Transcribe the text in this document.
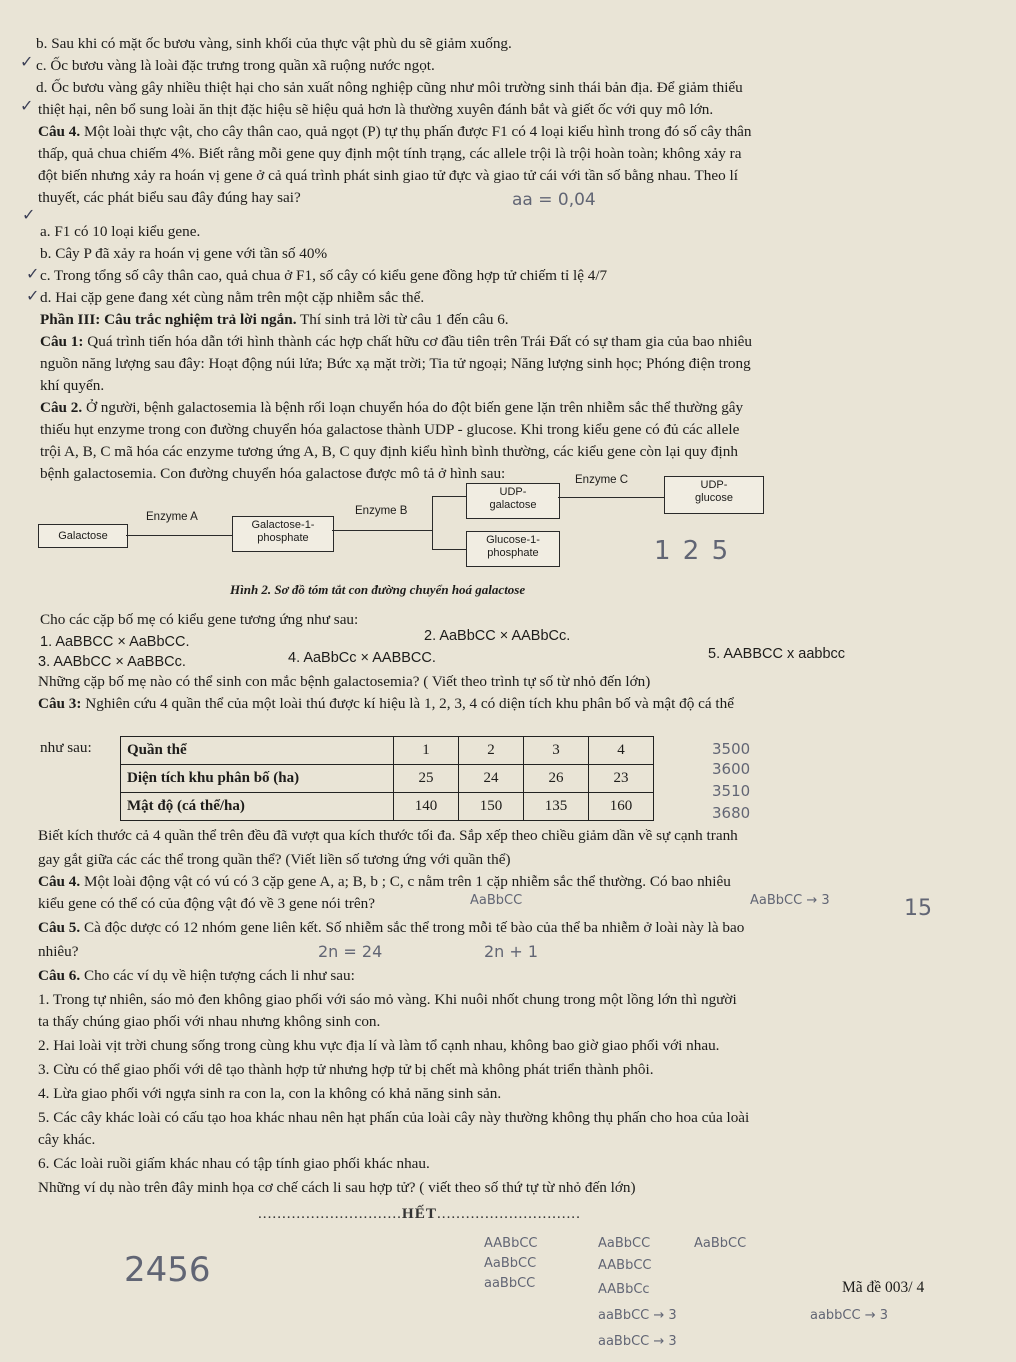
b. Sau khi có mặt ốc bươu vàng, sinh khối của thực vật phù du sẽ giảm xuống.
c. Ốc bươu vàng là loài đặc trưng trong quần xã ruộng nước ngọt.
d. Ốc bươu vàng gây nhiều thiệt hại cho sản xuất nông nghiệp cũng như môi trường sinh thái bản địa. Để giảm thiểu
thiệt hại, nên bổ sung loài ăn thịt đặc hiệu sẽ hiệu quả hơn là thường xuyên đánh bắt và giết ốc với quy mô lớn.
Câu 4. Một loài thực vật, cho cây thân cao, quả ngọt (P) tự thụ phấn được F1 có 4 loại kiểu hình trong đó số cây thân
thấp, quả chua chiếm 4%. Biết rằng mỗi gene quy định một tính trạng, các allele trội là trội hoàn toàn; không xảy ra
đột biến nhưng xảy ra hoán vị gene ở cả quá trình phát sinh giao tử đực và giao tử cái với tần số bằng nhau. Theo lí
thuyết, các phát biểu sau đây đúng hay sai?
a. F1 có 10 loại kiểu gene.
b. Cây P đã xảy ra hoán vị gene với tần số 40%
c. Trong tổng số cây thân cao, quả chua ở F1, số cây có kiểu gene đồng hợp tử chiếm tỉ lệ 4/7
d. Hai cặp gene đang xét cùng nằm trên một cặp nhiễm sắc thể.
Phần III: Câu trắc nghiệm trả lời ngắn. Thí sinh trả lời từ câu 1 đến câu 6.
Câu 1: Quá trình tiến hóa dẫn tới hình thành các hợp chất hữu cơ đầu tiên trên Trái Đất có sự tham gia của bao nhiêu
nguồn năng lượng sau đây: Hoạt động núi lửa; Bức xạ mặt trời; Tia tử ngoại; Năng lượng sinh học; Phóng điện trong
khí quyển.
Câu 2. Ở người, bệnh galactosemia là bệnh rối loạn chuyển hóa do đột biến gene lặn trên nhiễm sắc thể thường gây
thiếu hụt enzyme trong con đường chuyển hóa galactose thành UDP - glucose. Khi trong kiểu gene có đủ các allele
trội A, B, C mã hóa các enzyme tương ứng A, B, C quy định kiểu hình bình thường, các kiểu gene còn lại quy định
bệnh galactosemia. Con đường chuyển hóa galactose được mô tả ở hình sau:
Galactose
Enzyme A
Galactose-1-
phosphate
Enzyme B
UDP-
galactose
Glucose-1-
phosphate
Enzyme C	UDP-
glucose
Hình 2. Sơ đồ tóm tắt con đường chuyển hoá galactose
Cho các cặp bố mẹ có kiểu gene tương ứng như sau:
1. AaBBCC × AaBbCC.	2. AaBbCC × AABbCc.
5. AABBCC x aabbcc
3. AABbCC × AaBBCc.	4. AaBbCc × AABBCC.
Những cặp bố mẹ nào có thể sinh con mắc bệnh galactosemia? ( Viết theo trình tự số từ nhỏ đến lớn)
Câu 3: Nghiên cứu 4 quần thể của một loài thú được kí hiệu là 1, 2, 3, 4 có diện tích khu phân bố và mật độ cá thể
như sau: Quần thể	1	2	3	4
Diện tích khu phân bố (ha)	25	24	26	23
Mật độ (cá thể/ha)	140	150	135	160
Biết kích thước cả 4 quần thể trên đều đã vượt qua kích thước tối đa. Sắp xếp theo chiều giảm dần về sự cạnh tranh
gay gắt giữa các các thể trong quần thể? (Viết liền số tương ứng với quần thể)
Câu 4. Một loài động vật có vú có 3 cặp gene A, a; B, b ; C, c nằm trên 1 cặp nhiễm sắc thể thường. Có bao nhiêu
kiểu gene có thể có của động vật đó về 3 gene nói trên?
Câu 5. Cà độc dược có 12 nhóm gene liên kết. Số nhiễm sắc thể trong mỗi tế bào của thể ba nhiễm ở loài này là bao
nhiêu?
Câu 6. Cho các ví dụ về hiện tượng cách li như sau:
1. Trong tự nhiên, sáo mỏ đen không giao phối với sáo mỏ vàng. Khi nuôi nhốt chung trong một lồng lớn thì người
ta thấy chúng giao phối với nhau nhưng không sinh con.
2. Hai loài vịt trời chung sống trong cùng khu vực địa lí và làm tổ cạnh nhau, không bao giờ giao phối với nhau.
3. Cừu có thể giao phối với dê tạo thành hợp tử nhưng hợp tử bị chết mà không phát triển thành phôi.
4. Lừa giao phối với ngựa sinh ra con la, con la không có khả năng sinh sản.
5. Các cây khác loài có cấu tạo hoa khác nhau nên hạt phấn của loài cây này thường không thụ phấn cho hoa của loài
cây khác.
6. Các loài ruồi giấm khác nhau có tập tính giao phối khác nhau.
Những ví dụ nào trên đây minh họa cơ chế cách li sau hợp tử? ( viết theo số thứ tự từ nhỏ đến lớn)
..............................HẾT..............................
Mã đề 003/ 4
✓
✓
✓
✓
✓
aa = 0,04
1 2 5
3500
3600
3510
3680
AaBbCC	AaBbCC → 3	15
2n = 24	2n + 1
2456
AABbCC
AaBbCC
aaBbCC
AaBbCC
AABbCC
AABbCc
aaBbCC → 3	aabbCC → 3
aaBbCC → 3
AaBbCC
